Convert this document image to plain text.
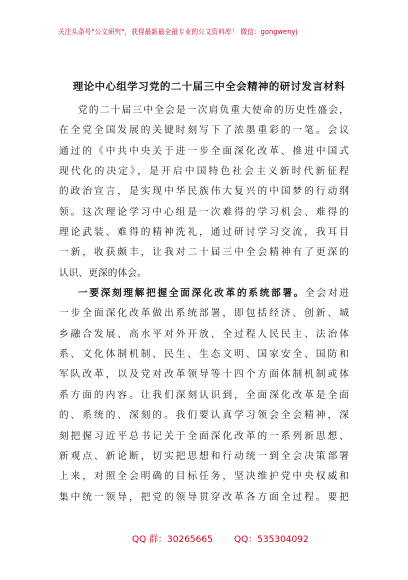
关注头条号"公文研究"，获得最新最全最专业的公文资料库！ 微信：gongwenyj
理论中心组学习党的二十届三中全会精神的研讨发言材料
党的二十届三中全会是一次肩负重大使命的历史性盛会，
在全党全国发展的关键时刻写下了浓墨重彩的一笔。会议
通过的《中共中央关于进一步全面深化改革、推进中国式
现代化的决定》，是开启中国特色社会主义新时代新征程
的政治宣言，是实现中华民族伟大复兴的中国梦的行动纲
领。这次理论学习中心组是一次难得的学习机会、难得的
理论武装、难得的精神洗礼，通过研讨学习交流，我耳目
一新，收获颇丰，让我对二十届三中全会精神有了更深的
认识、更深的体会。
一要深刻理解把握全面深化改革的系统部署。全会对进
一步全面深化改革做出系统部署，即包括经济、创新、城
乡融合发展、高水平对外开放、全过程人民民主、法治体
系、文化体制机制、民生、生态文明、国家安全、国防和
军队改革，以及党对改革领导等十四个方面体制机制或体
系方面的内容。让我们深刻认识到，全面深化改革是全面
的、系统的、深刻的。我们要认真学习领会全会精神，深
刻把握习近平总书记关于全面深化改革的一系列新思想、
新观点、新论断，切实把思想和行动统一到全会决策部署
上来，对照全会明确的目标任务，坚决维护党中央权威和
集中统一领导，把党的领导贯穿改革各方面全过程。要把
QQ 群：30265665 QQ：535304092
